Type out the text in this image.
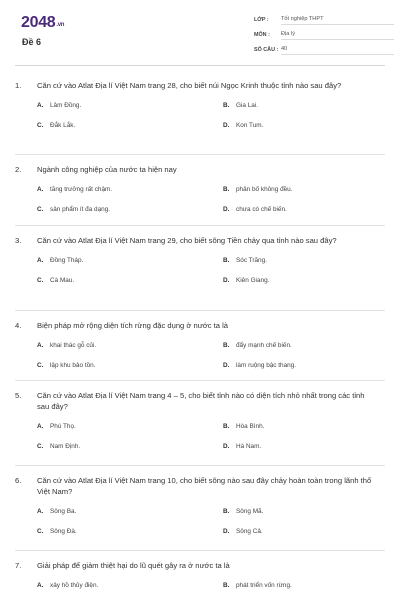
2048.vn
Đề 6
LỚP :	Tốt nghiệp THPT
MÔN :	Địa lý
SỐ CÂU : 40
1.	Căn cứ vào Atlat Địa lí Việt Nam trang 28, cho biết núi Ngọc Krinh thuộc tỉnh nào sau đây?
A.	Lâm Đồng.	B.	Gia Lai.
C.	Đắk Lắk.	D.	Kon Tum.
2.	Ngành công nghiệp của nước ta hiện nay
A.	tăng trưởng rất chậm.	B.	phân bố không đều.
C.	sản phẩm ít đa dạng.	D.	chưa có chế biến.
3.	Căn cứ vào Atlat Địa lí Việt Nam trang 29, cho biết sông Tiền chảy qua tỉnh nào sau đây?
A.	Đồng Tháp.	B.	Sóc Trăng.
C.	Cà Mau.	D.	Kiên Giang.
4.	Biện pháp mở rộng diện tích rừng đặc dụng ở nước ta là
A.	khai thác gỗ củi.	B.	đẩy mạnh chế biến.
C.	lập khu bảo tồn.	D.	làm ruộng bậc thang.
5.	Căn cứ vào Atlat Địa lí Việt Nam trang 4 – 5, cho biết tỉnh nào có diện tích nhỏ nhất trong các tỉnh sau đây?
A.	Phú Thọ.	B.	Hòa Bình.
C.	Nam Định.	D.	Hà Nam.
6.	Căn cứ vào Atlat Địa lí Việt Nam trang 10, cho biết sông nào sau đây chảy hoàn toàn trong lãnh thổ Việt Nam?
A.	Sông Ba.	B.	Sông Mã.
C.	Sông Đà.	D.	Sông Cả.
7.	Giải pháp để giảm thiệt hại do lũ quét gây ra ở nước ta là
A.	xây hồ thủy điện.	B.	phát triển vốn rừng.
